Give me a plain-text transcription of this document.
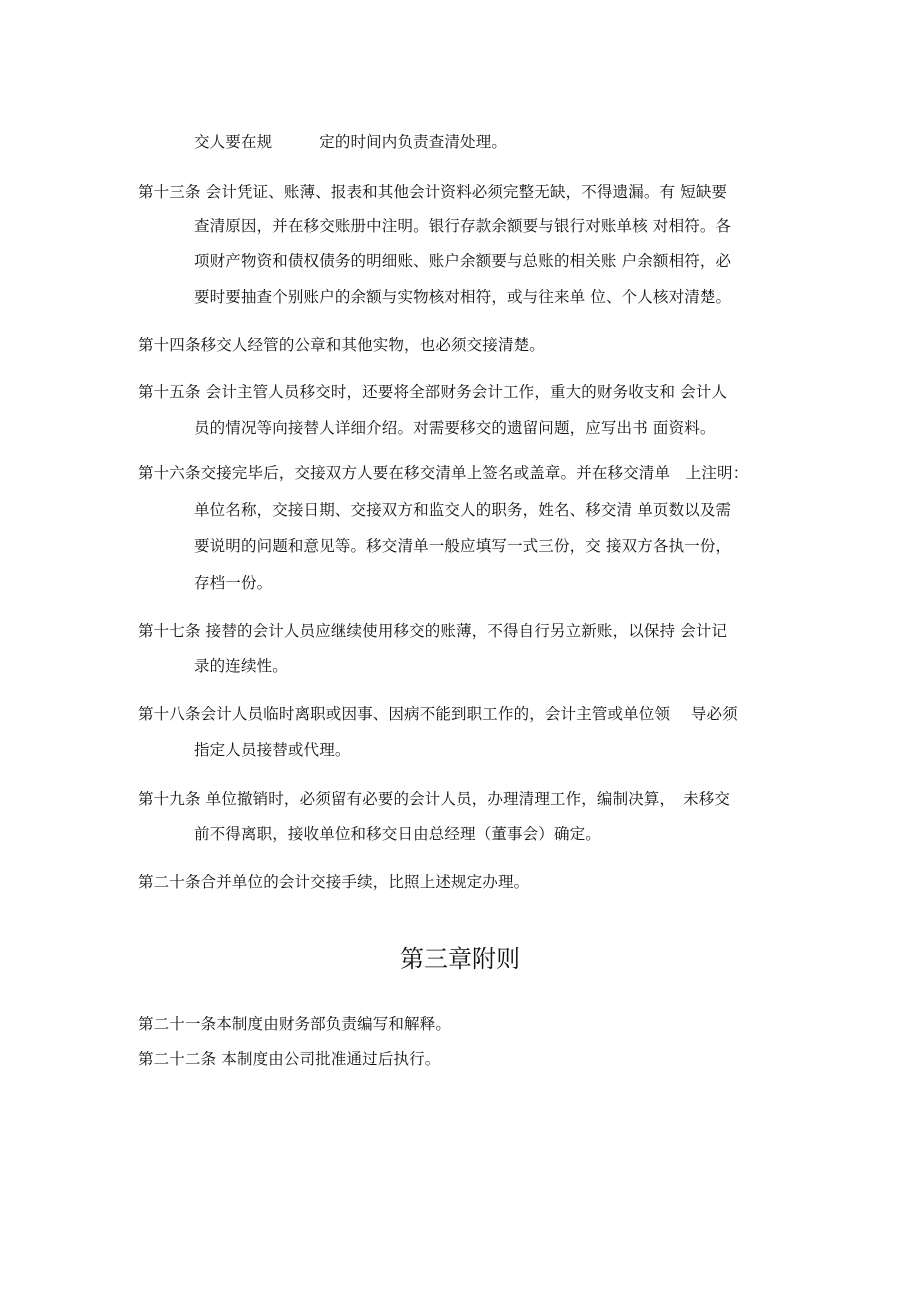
交人要在规　　　定的时间内负责查清处理。
第十三条 会计凭证、账薄、报表和其他会计资料必须完整无缺，不得遗漏。有 短缺要
查清原因，并在移交账册中注明。银行存款余额要与银行对账单核 对相符。各
项财产物资和债权债务的明细账、账户余额要与总账的相关账 户余额相符，必
要时要抽查个别账户的余额与实物核对相符，或与往来单 位、个人核对清楚。
第十四条移交人经管的公章和其他实物，也必须交接清楚。
第十五条 会计主管人员移交时，还要将全部财务会计工作，重大的财务收支和 会计人
员的情况等向接替人详细介绍。对需要移交的遗留问题，应写出书 面资料。
第十六条交接完毕后，交接双方人要在移交清单上签名或盖章。并在移交清单　上注明：
单位名称，交接日期、交接双方和监交人的职务，姓名、移交清 单页数以及需
要说明的问题和意见等。移交清单一般应填写一式三份，交 接双方各执一份，
存档一份。
第十七条 接替的会计人员应继续使用移交的账薄，不得自行另立新账，以保持 会计记
录的连续性。
第十八条会计人员临时离职或因事、因病不能到职工作的，会计主管或单位领　 导必须
指定人员接替或代理。
第十九条 单位撤销时，必须留有必要的会计人员，办理清理工作，编制决算，　未移交
前不得离职，接收单位和移交日由总经理（董事会）确定。
第二十条合并单位的会计交接手续，比照上述规定办理。
第三章附则
第二十一条本制度由财务部负责编写和解释。
第二十二条 本制度由公司批准通过后执行。
